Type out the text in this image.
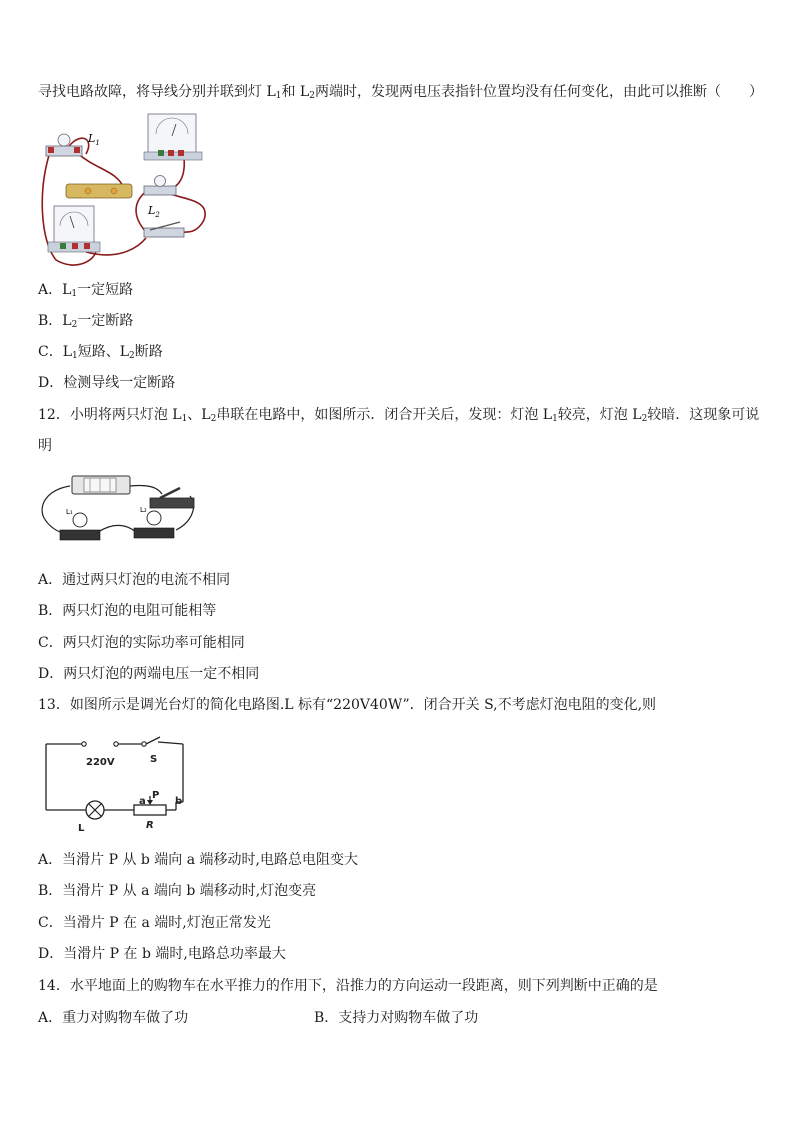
寻找电路故障，将导线分别并联到灯 $L_1$和 $L_2$两端时，发现两电压表指针位置均没有任何变化，由此可以推断（　　）
$L_1$
$L_2$
A．$L_1$一定短路
B．$L_2$一定断路
C．$L_1$短路、$L_2$断路
D．检测导线一定断路
12．小明将两只灯泡 $L_1$、$L_2$串联在电路中，如图所示．闭合开关后，发现：灯泡 $L_1$较亮，灯泡 $L_2$较暗．这现象可说
明
L₁	L₂
A．通过两只灯泡的电流不相同
B．两只灯泡的电阻可能相等
C．两只灯泡的实际功率可能相同
D．两只灯泡的两端电压一定不相同
13．如图所示是调光台灯的简化电路图.L 标有“220V40W”．闭合开关 S,不考虑灯泡电阻的变化,则
220V	S
L
P
a	b
R
A．当滑片 P 从 b 端向 a 端移动时,电路总电阻变大
B．当滑片 P 从 a 端向 b 端移动时,灯泡变亮
C．当滑片 P 在 a 端时,灯泡正常发光
D．当滑片 P 在 b 端时,电路总功率最大
14．水平地面上的购物车在水平推力的作用下，沿推力的方向运动一段距离，则下列判断中正确的是
A．重力对购物车做了功	B．支持力对购物车做了功
